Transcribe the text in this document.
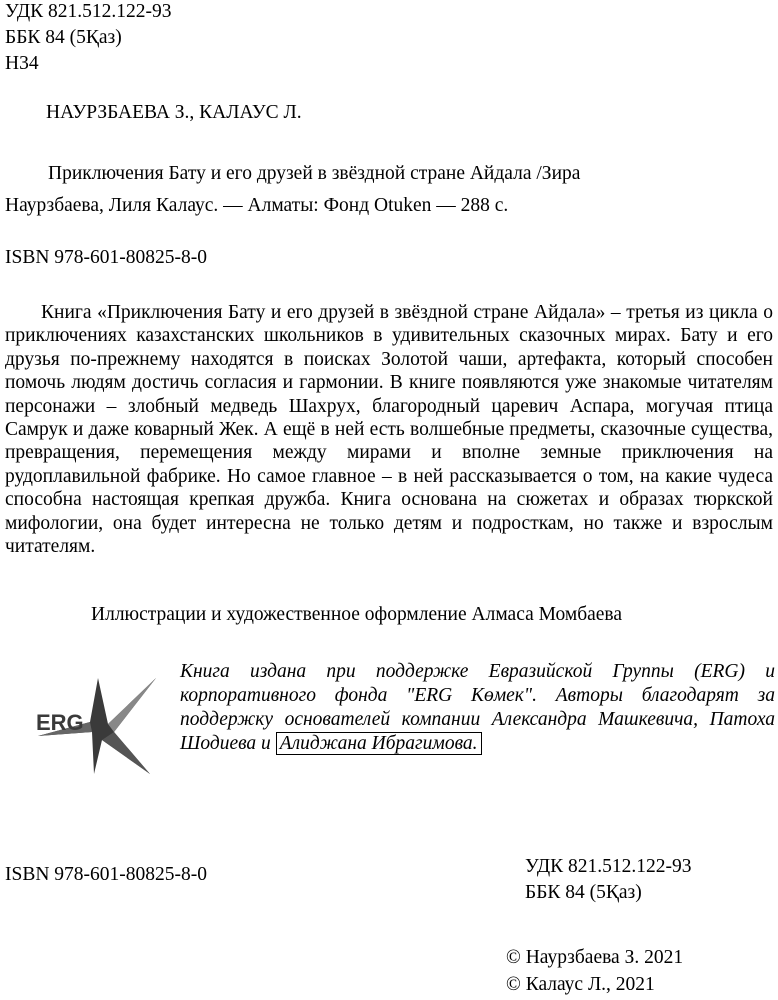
УДК 821.512.122-93
ББК 84 (5Қаз)
Н34
НАУРЗБАЕВА З., КАЛАУС Л.
Приключения Бату и его друзей в звёздной стране Айдала /Зира
Наурзбаева, Лиля Калаус. — Алматы: Фонд Otuken — 288 с.
ISBN 978-601-80825-8-0
Книга «Приключения Бату и его друзей в звёздной стране Айдала» – третья из цикла о приключениях казахстанских школьников в удивительных сказочных мирах. Бату и его друзья по-прежнему находятся в поисках Золотой чаши, артефакта, который способен помочь людям достичь согласия и гармонии. В книге появляются уже знакомые читателям персонажи – злобный медведь Шахрух, благородный царевич Аспара, могучая птица Самрук и даже коварный Жек. А ещё в ней есть волшебные предметы, сказочные существа, превращения, перемещения между мирами и вполне земные приключения на рудоплавильной фабрике. Но самое главное – в ней рассказывается о том, на какие чудеса способна настоящая крепкая дружба. Книга основана на сюжетах и образах тюркской мифологии, она будет интересна не только детям и подросткам, но также и взрослым читателям.
Иллюстрации и художественное оформление Алмаса Момбаева
ERG
Книга издана при поддержке Евразийской Группы (ERG) и корпоративного фонда "ERG Көмек". Авторы благодарят за поддержку основателей компании Александра Машкевича, Патоха Шодиева и Алиджана Ибрагимова.
ISBN 978-601-80825-8-0	УДК 821.512.122-93
ББК 84 (5Қаз)
© Наурзбаева З. 2021
© Калаус Л., 2021
